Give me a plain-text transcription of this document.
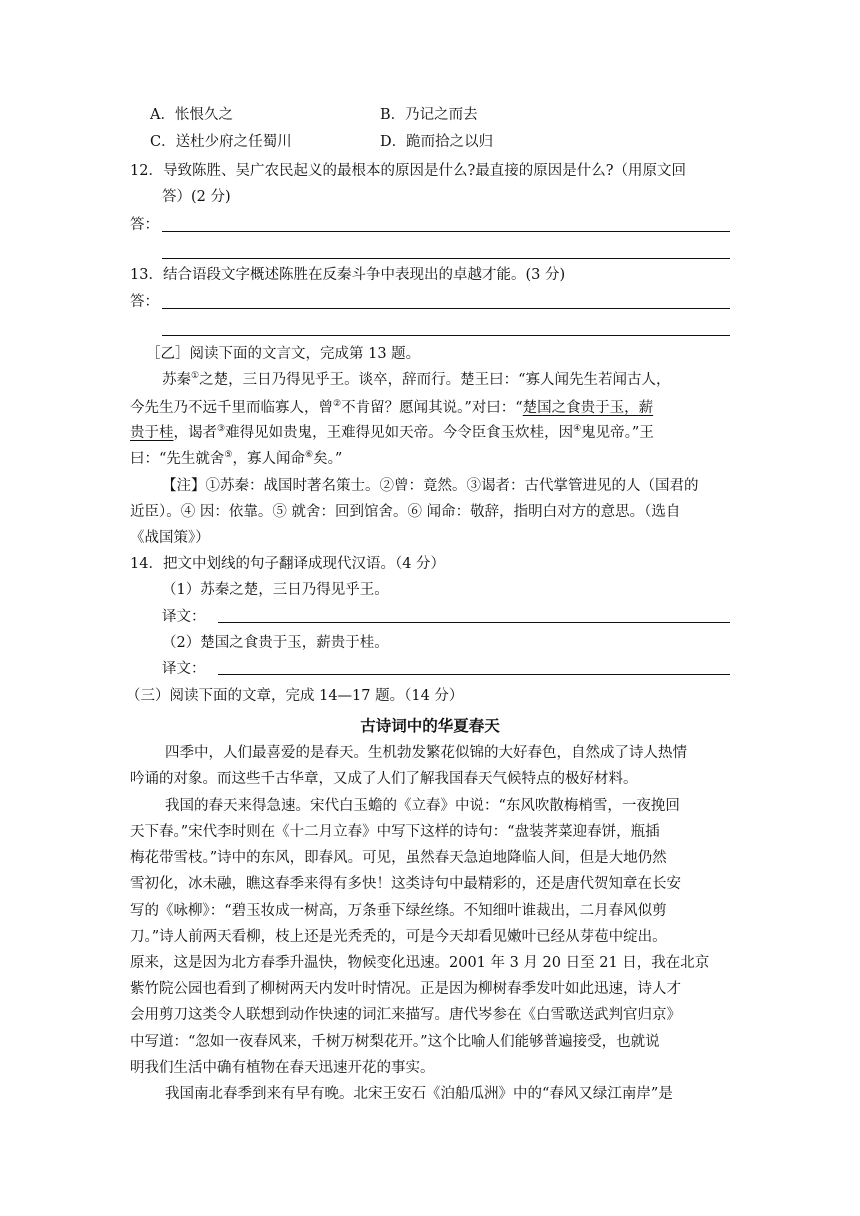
A．怅恨久之	B．乃记之而去
C．送杜少府之任蜀川	D．跪而拾之以归
12．导致陈胜、吴广农民起义的最根本的原因是什么?最直接的原因是什么?（用原文回
答）(2 分)
答：
13．结合语段文字概述陈胜在反秦斗争中表现出的卓越才能。(3 分)
答：
［乙］阅读下面的文言文，完成第 13 题。
苏秦①之楚，三日乃得见乎王。谈卒，辞而行。楚王曰：“寡人闻先生若闻古人，
今先生乃不远千里而临寡人，曾②不肯留？愿闻其说。”对曰：“楚国之食贵于玉，薪
贵于桂，谒者③难得见如贵鬼，王难得见如天帝。今令臣食玉炊桂，因④鬼见帝。”王
曰：“先生就舍⑤，寡人闻命⑥矣。”
【注】①苏秦：战国时著名策士。②曾：竟然。③谒者：古代掌管进见的人（国君的
近臣）。④ 因：依靠。⑤ 就舍：回到馆舍。⑥ 闻命：敬辞，指明白对方的意思。（选自
《战国策》）
14．把文中划线的句子翻译成现代汉语。（4 分）
（1）苏秦之楚，三日乃得见乎王。
译文：
（2）楚国之食贵于玉，薪贵于桂。
译文：
（三）阅读下面的文章，完成 14—17 题。（14 分）
古诗词中的华夏春天
四季中，人们最喜爱的是春天。生机勃发繁花似锦的大好春色，自然成了诗人热情
吟诵的对象。而这些千古华章，又成了人们了解我国春天气候特点的极好材料。
我国的春天来得急速。宋代白玉蟾的《立春》中说：“东风吹散梅梢雪，一夜挽回
天下春。”宋代李时则在《十二月立春》中写下这样的诗句：“盘装荠菜迎春饼，瓶插
梅花带雪枝。”诗中的东风，即春风。可见，虽然春天急迫地降临人间，但是大地仍然
雪初化，冰未融，瞧这春季来得有多快！这类诗句中最精彩的，还是唐代贺知章在长安
写的《咏柳》：“碧玉妆成一树高，万条垂下绿丝绦。不知细叶谁裁出，二月春风似剪
刀。”诗人前两天看柳，枝上还是光秃秃的，可是今天却看见嫩叶已经从芽苞中绽出。
原来，这是因为北方春季升温快，物候变化迅速。2001 年 3 月 20 日至 21 日，我在北京
紫竹院公园也看到了柳树两天内发叶时情况。正是因为柳树春季发叶如此迅速，诗人才
会用剪刀这类令人联想到动作快速的词汇来描写。唐代岑参在《白雪歌送武判官归京》
中写道：“忽如一夜春风来，千树万树梨花开。”这个比喻人们能够普遍接受，也就说
明我们生活中确有植物在春天迅速开花的事实。
我国南北春季到来有早有晚。北宋王安石《泊船瓜洲》中的“春风又绿江南岸”是
